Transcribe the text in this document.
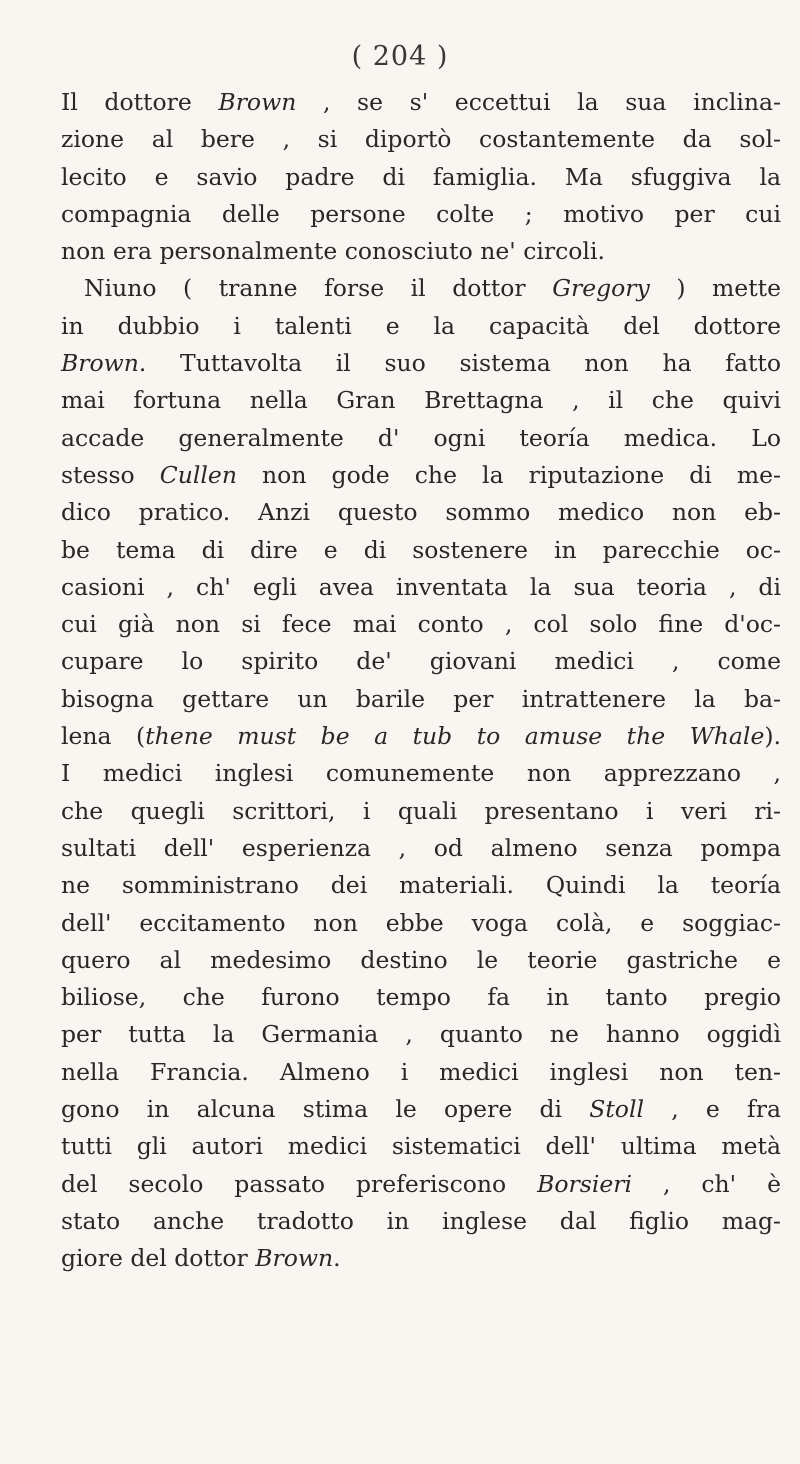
( 204 )
Il dottore Brown , se s' eccettui la sua inclina-
zione al bere , si diportò costantemente da sol-
lecito e savio padre di famiglia. Ma sfuggiva la
compagnia delle persone colte ; motivo per cui
non era personalmente conosciuto ne' circoli.
Niuno ( tranne forse il dottor Gregory ) mette
in dubbio i talenti e la capacità del dottore
Brown. Tuttavolta il suo sistema non ha fatto
mai fortuna nella Gran Brettagna , il che quivi
accade generalmente d' ogni teoría medica. Lo
stesso Cullen non gode che la riputazione di me-
dico pratico. Anzi questo sommo medico non eb-
be tema di dire e di sostenere in parecchie oc-
casioni , ch' egli avea inventata la sua teoria , di
cui già non si fece mai conto , col solo fine d'oc-
cupare lo spirito de' giovani medici , come
bisogna gettare un barile per intrattenere la ba-
lena (thene must be a tub to amuse the Whale).
I medici inglesi comunemente non apprezzano ,
che quegli scrittori, i quali presentano i veri ri-
sultati dell' esperienza , od almeno senza pompa
ne somministrano dei materiali. Quindi la teoría
dell' eccitamento non ebbe voga colà, e soggiac-
quero al medesimo destino le teorie gastriche e
biliose, che furono tempo fa in tanto pregio
per tutta la Germania , quanto ne hanno oggidì
nella Francia. Almeno i medici inglesi non ten-
gono in alcuna stima le opere di Stoll , e fra
tutti gli autori medici sistematici dell' ultima metà
del secolo passato preferiscono Borsieri , ch' è
stato anche tradotto in inglese dal figlio mag-
giore del dottor Brown.
